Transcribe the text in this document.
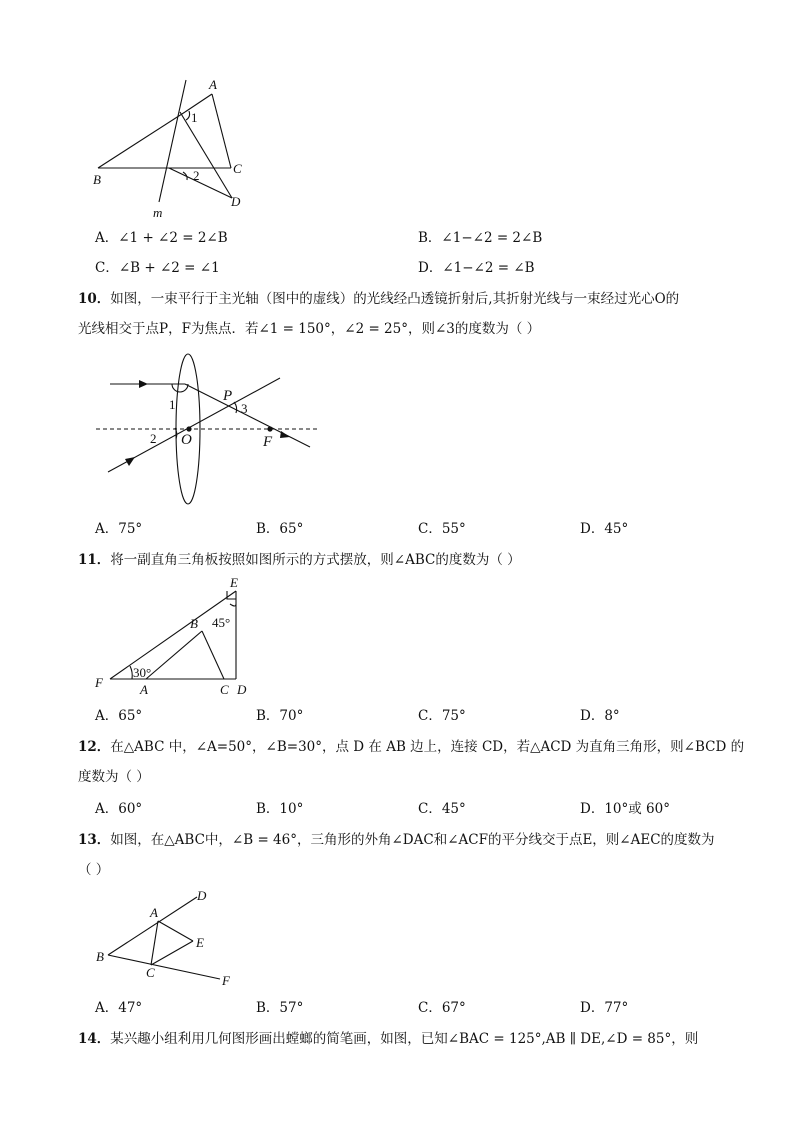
A
1
C
B	2
D
m
A．∠1 + ∠2 = 2∠B	B．∠1−∠2 = 2∠B
C．∠B + ∠2 = ∠1	D．∠1−∠2 = ∠B
10．如图，一束平行于主光轴（图中的虚线）的光线经凸透镜折射后,其折射光线与一束经过光心O的
光线相交于点P，F为焦点．若∠1 = 150°，∠2 = 25°，则∠3的度数为（ ）
1
P
3
2 O	F
A．75°	B．65°	C．55°	D．45°
11．将一副直角三角板按照如图所示的方式摆放，则∠ABC的度数为（ ）
E
B 45°
30°
F	A	C D
A．65°	B．70°	C．75°	D．8°
12．在△ABC 中，∠A=50°，∠B=30°，点 D 在 AB 边上，连接 CD，若△ACD 为直角三角形，则∠BCD 的
度数为（ ）
A．60°	B．10°	C．45°	D．10°或 60°
13．如图，在△ABC中，∠B = 46°，三角形的外角∠DAC和∠ACF的平分线交于点E，则∠AEC的度数为
（ ）
D
A
E
B
C
F
A．47°	B．57°	C．67°	D．77°
14．某兴趣小组利用几何图形画出螳螂的简笔画，如图，已知∠BAC = 125°,AB ∥ DE,∠D = 85°，则
